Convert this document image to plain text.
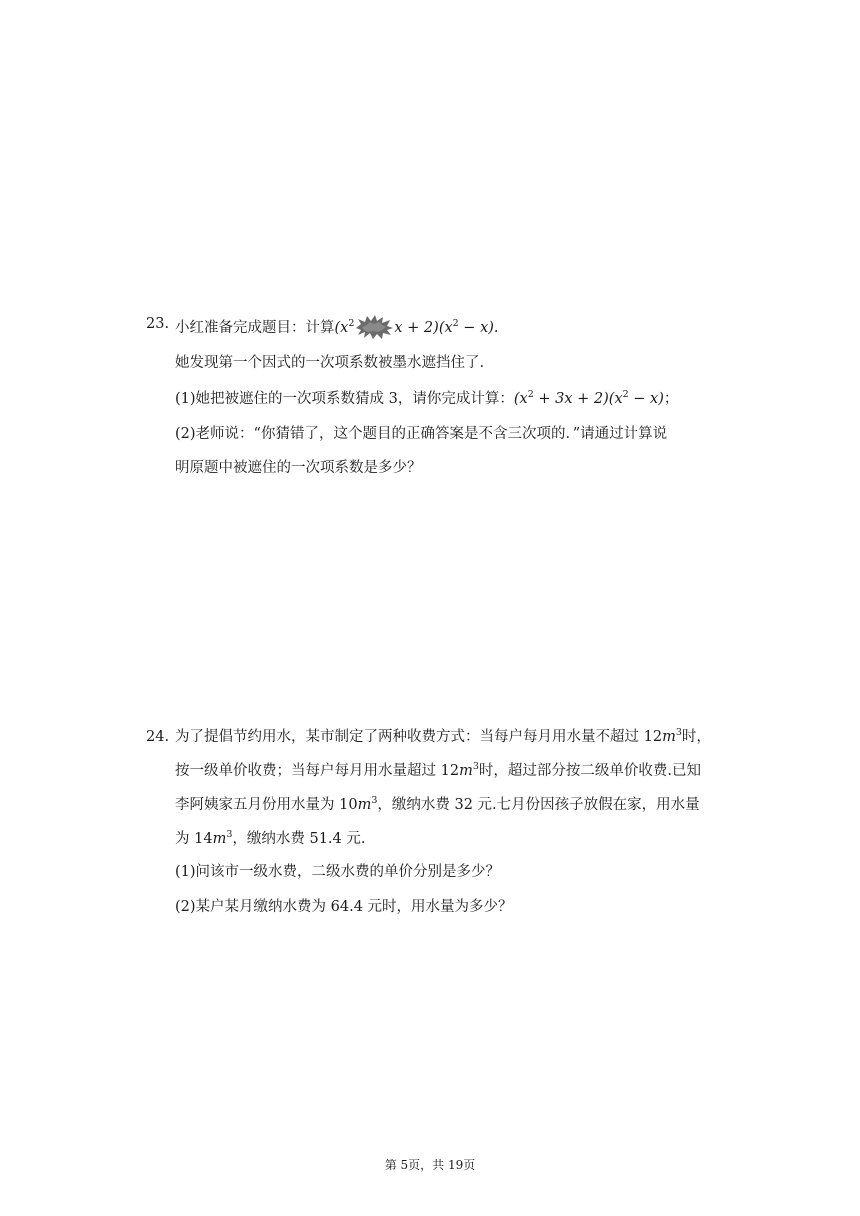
23. 小红准备完成题目：计算($x^2$	$x + 2)(x^2 - x)$.
她发现第一个因式的一次项系数被墨水遮挡住了.
(1)她把被遮住的一次项系数猜成 3，请你完成计算：$(x^2 + 3x + 2)(x^2 - x)$；
(2)老师说：“你猜错了，这个题目的正确答案是不含三次项的．”请通过计算说
明原题中被遮住的一次项系数是多少？
24. 为了提倡节约用水，某市制定了两种收费方式：当每户每月用水量不超过 $12m^3$时，
按一级单价收费；当每户每月用水量超过 $12m^3$时，超过部分按二级单价收费.已知
李阿姨家五月份用水量为 $10m^3$，缴纳水费 32 元.七月份因孩子放假在家，用水量
为 $14m^3$，缴纳水费 51.4 元.
(1)问该市一级水费，二级水费的单价分别是多少？
(2)某户某月缴纳水费为 64.4 元时，用水量为多少？
第 5页，共 19页
